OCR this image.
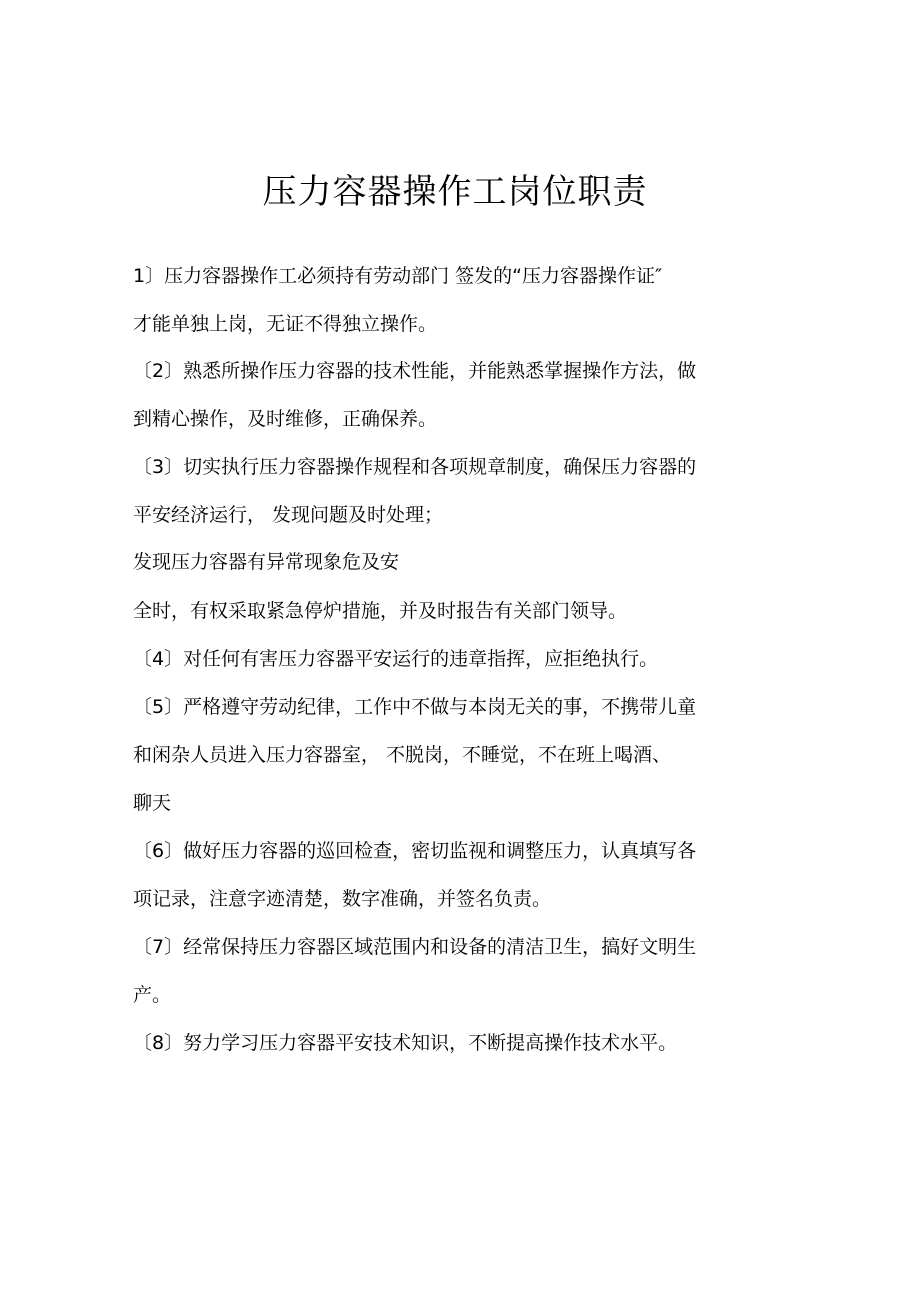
压力容器操作工岗位职责

1〕压力容器操作工必须持有劳动部门 签发的“压力容器操作证″

才能单独上岗，无证不得独立操作。

〔2〕熟悉所操作压力容器的技术性能，并能熟悉掌握操作方法，做

到精心操作，及时维修，正确保养。

〔3〕切实执行压力容器操作规程和各项规章制度，确保压力容器的

平安经济运行， 发现问题及时处理；

发现压力容器有异常现象危及安

全时，有权采取紧急停炉措施，并及时报告有关部门领导。

〔4〕对任何有害压力容器平安运行的违章指挥，应拒绝执行。

〔5〕严格遵守劳动纪律，工作中不做与本岗无关的事，不携带儿童

和闲杂人员进入压力容器室， 不脱岗，不睡觉，不在班上喝酒、

聊天

〔6〕做好压力容器的巡回检查，密切监视和调整压力，认真填写各

项记录，注意字迹清楚，数字准确，并签名负责。

〔7〕经常保持压力容器区域范围内和设备的清洁卫生，搞好文明生

产。

〔8〕努力学习压力容器平安技术知识，不断提高操作技术水平。
